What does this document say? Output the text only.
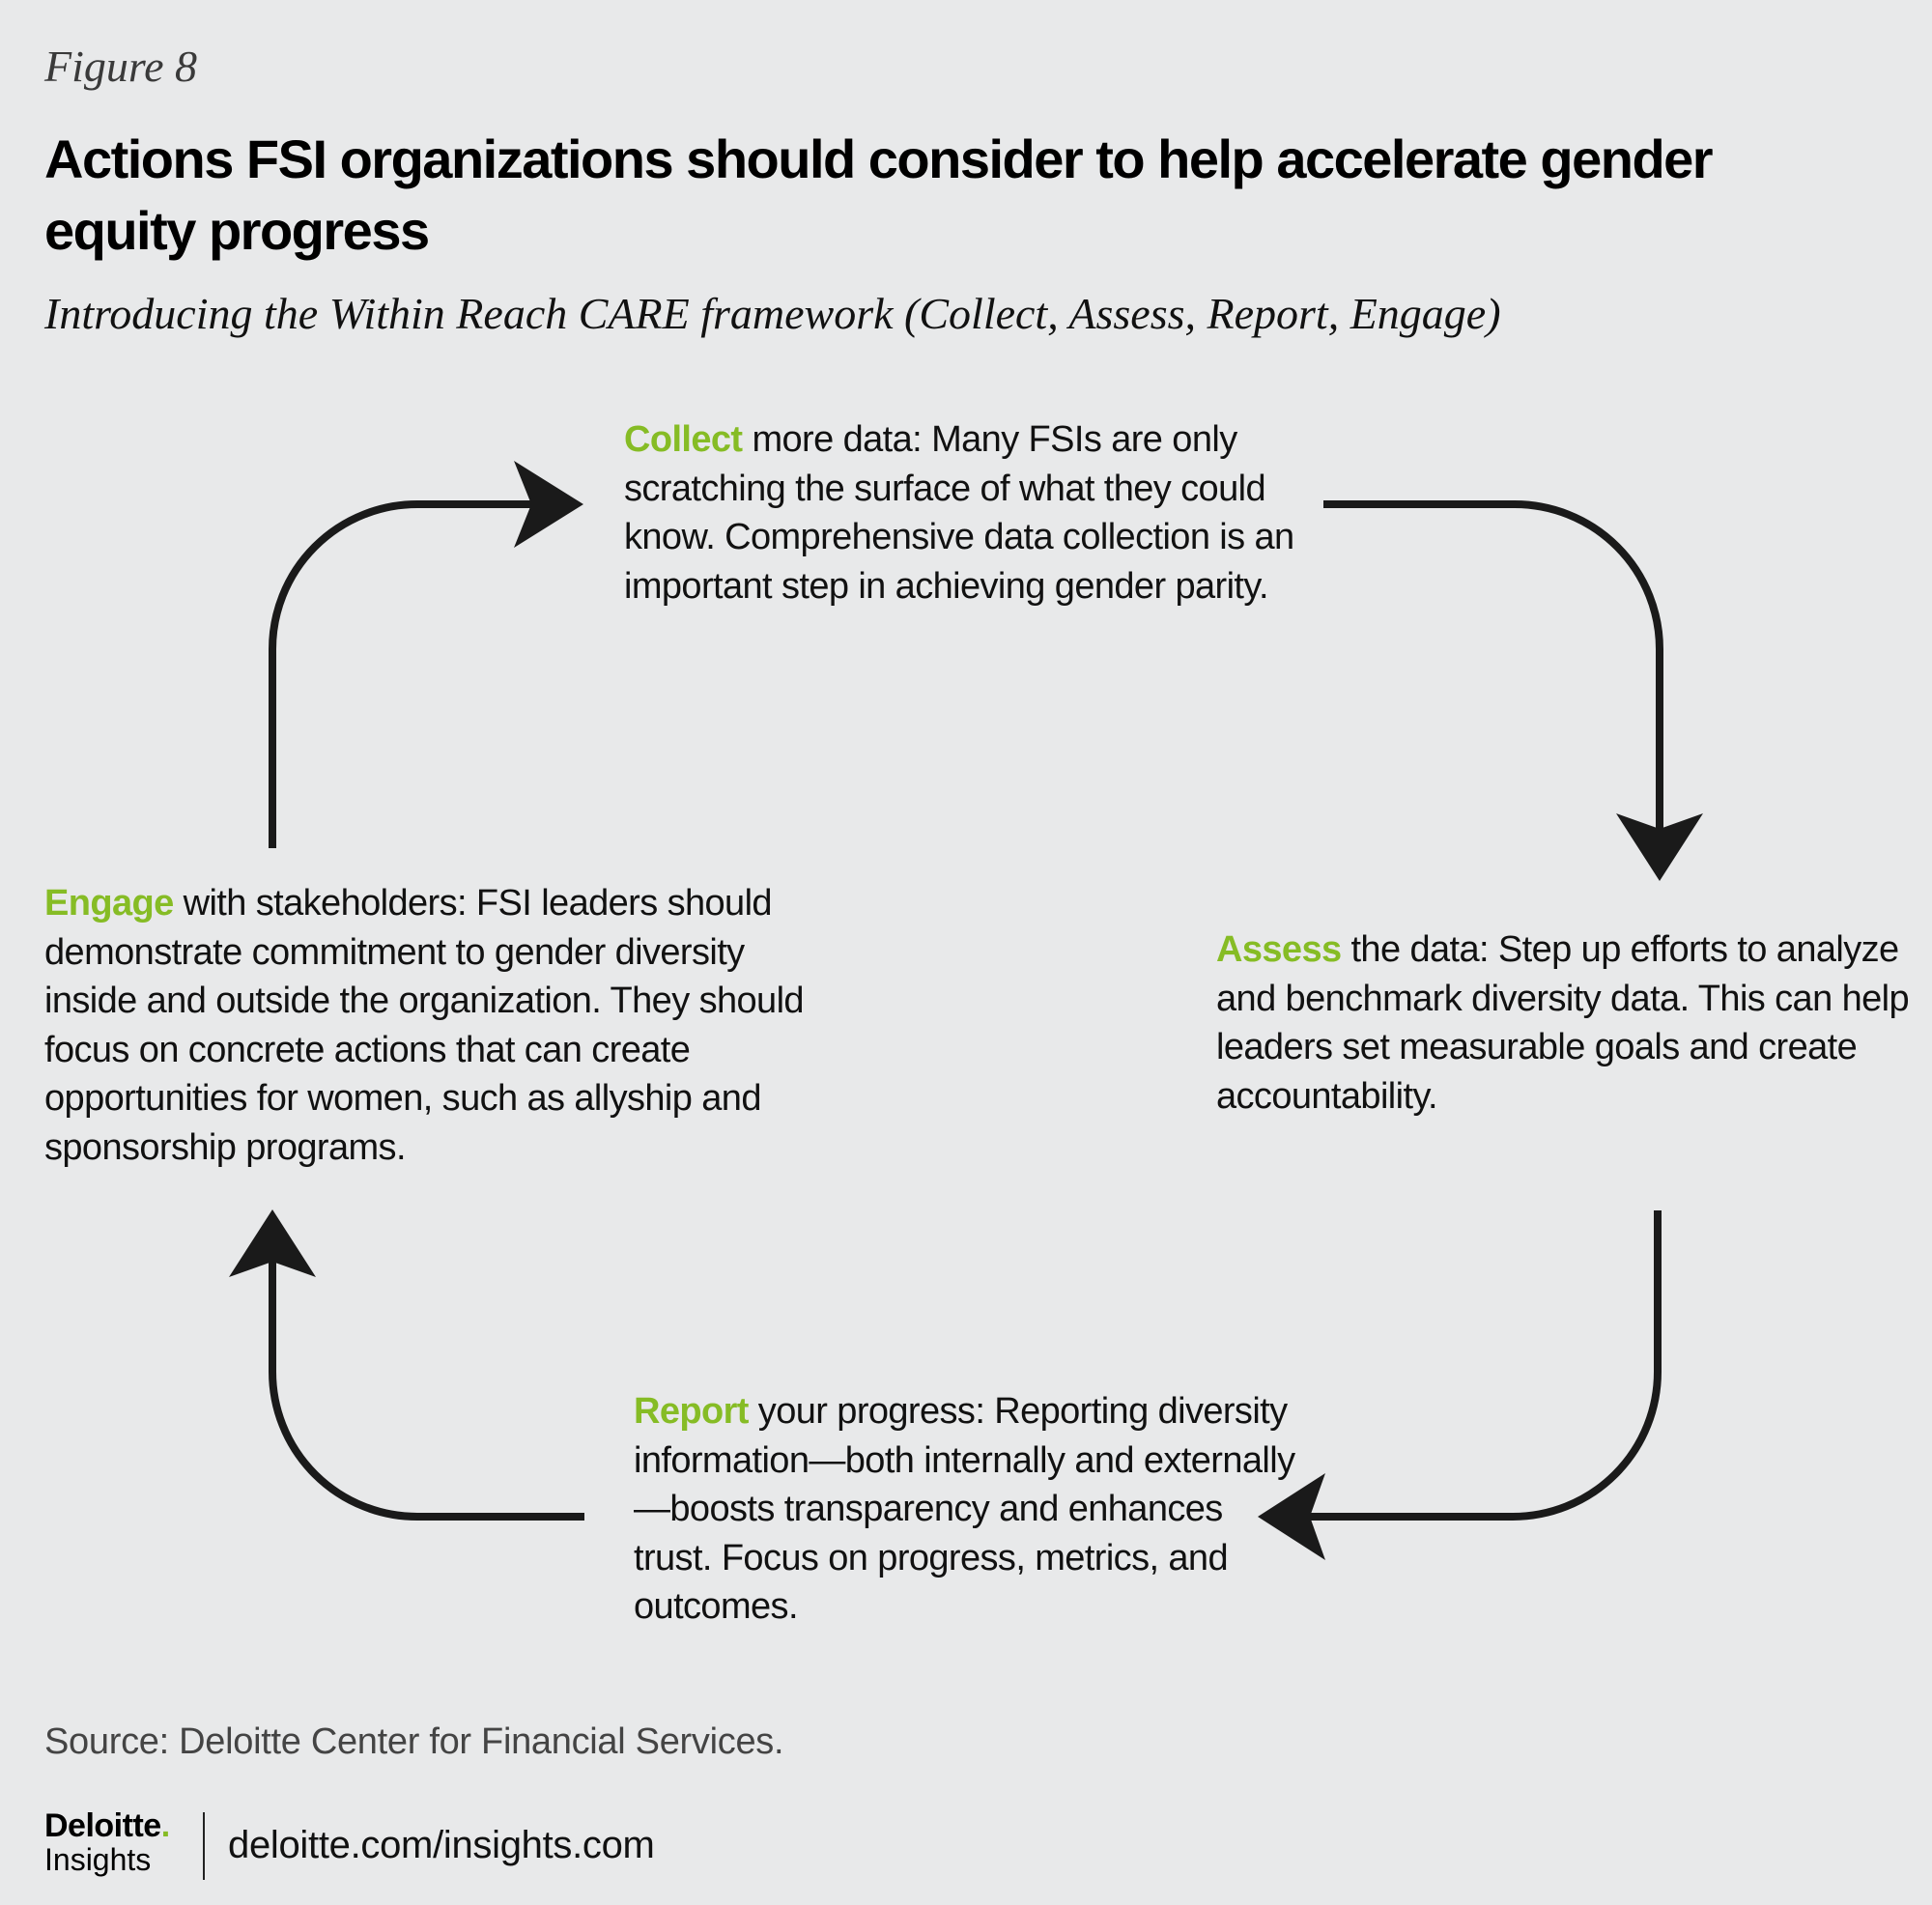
Figure 8
Actions FSI organizations should consider to help accelerate gender equity progress
Introducing the Within Reach CARE framework (Collect, Assess, Report, Engage)

Collect more data: Many FSIs are only scratching the surface of what they could know. Comprehensive data collection is an important step in achieving gender parity.

Assess the data: Step up efforts to analyze and benchmark diversity data. This can help leaders set measurable goals and create accountability.

Report your progress: Reporting diversity information—both internally and externally—boosts transparency and enhances trust. Focus on progress, metrics, and outcomes.

Engage with stakeholders: FSI leaders should demonstrate commitment to gender diversity inside and outside the organization. They should focus on concrete actions that can create opportunities for women, such as allyship and sponsorship programs.

Source: Deloitte Center for Financial Services.
Deloitte.
Insights	deloitte.com/insights.com
